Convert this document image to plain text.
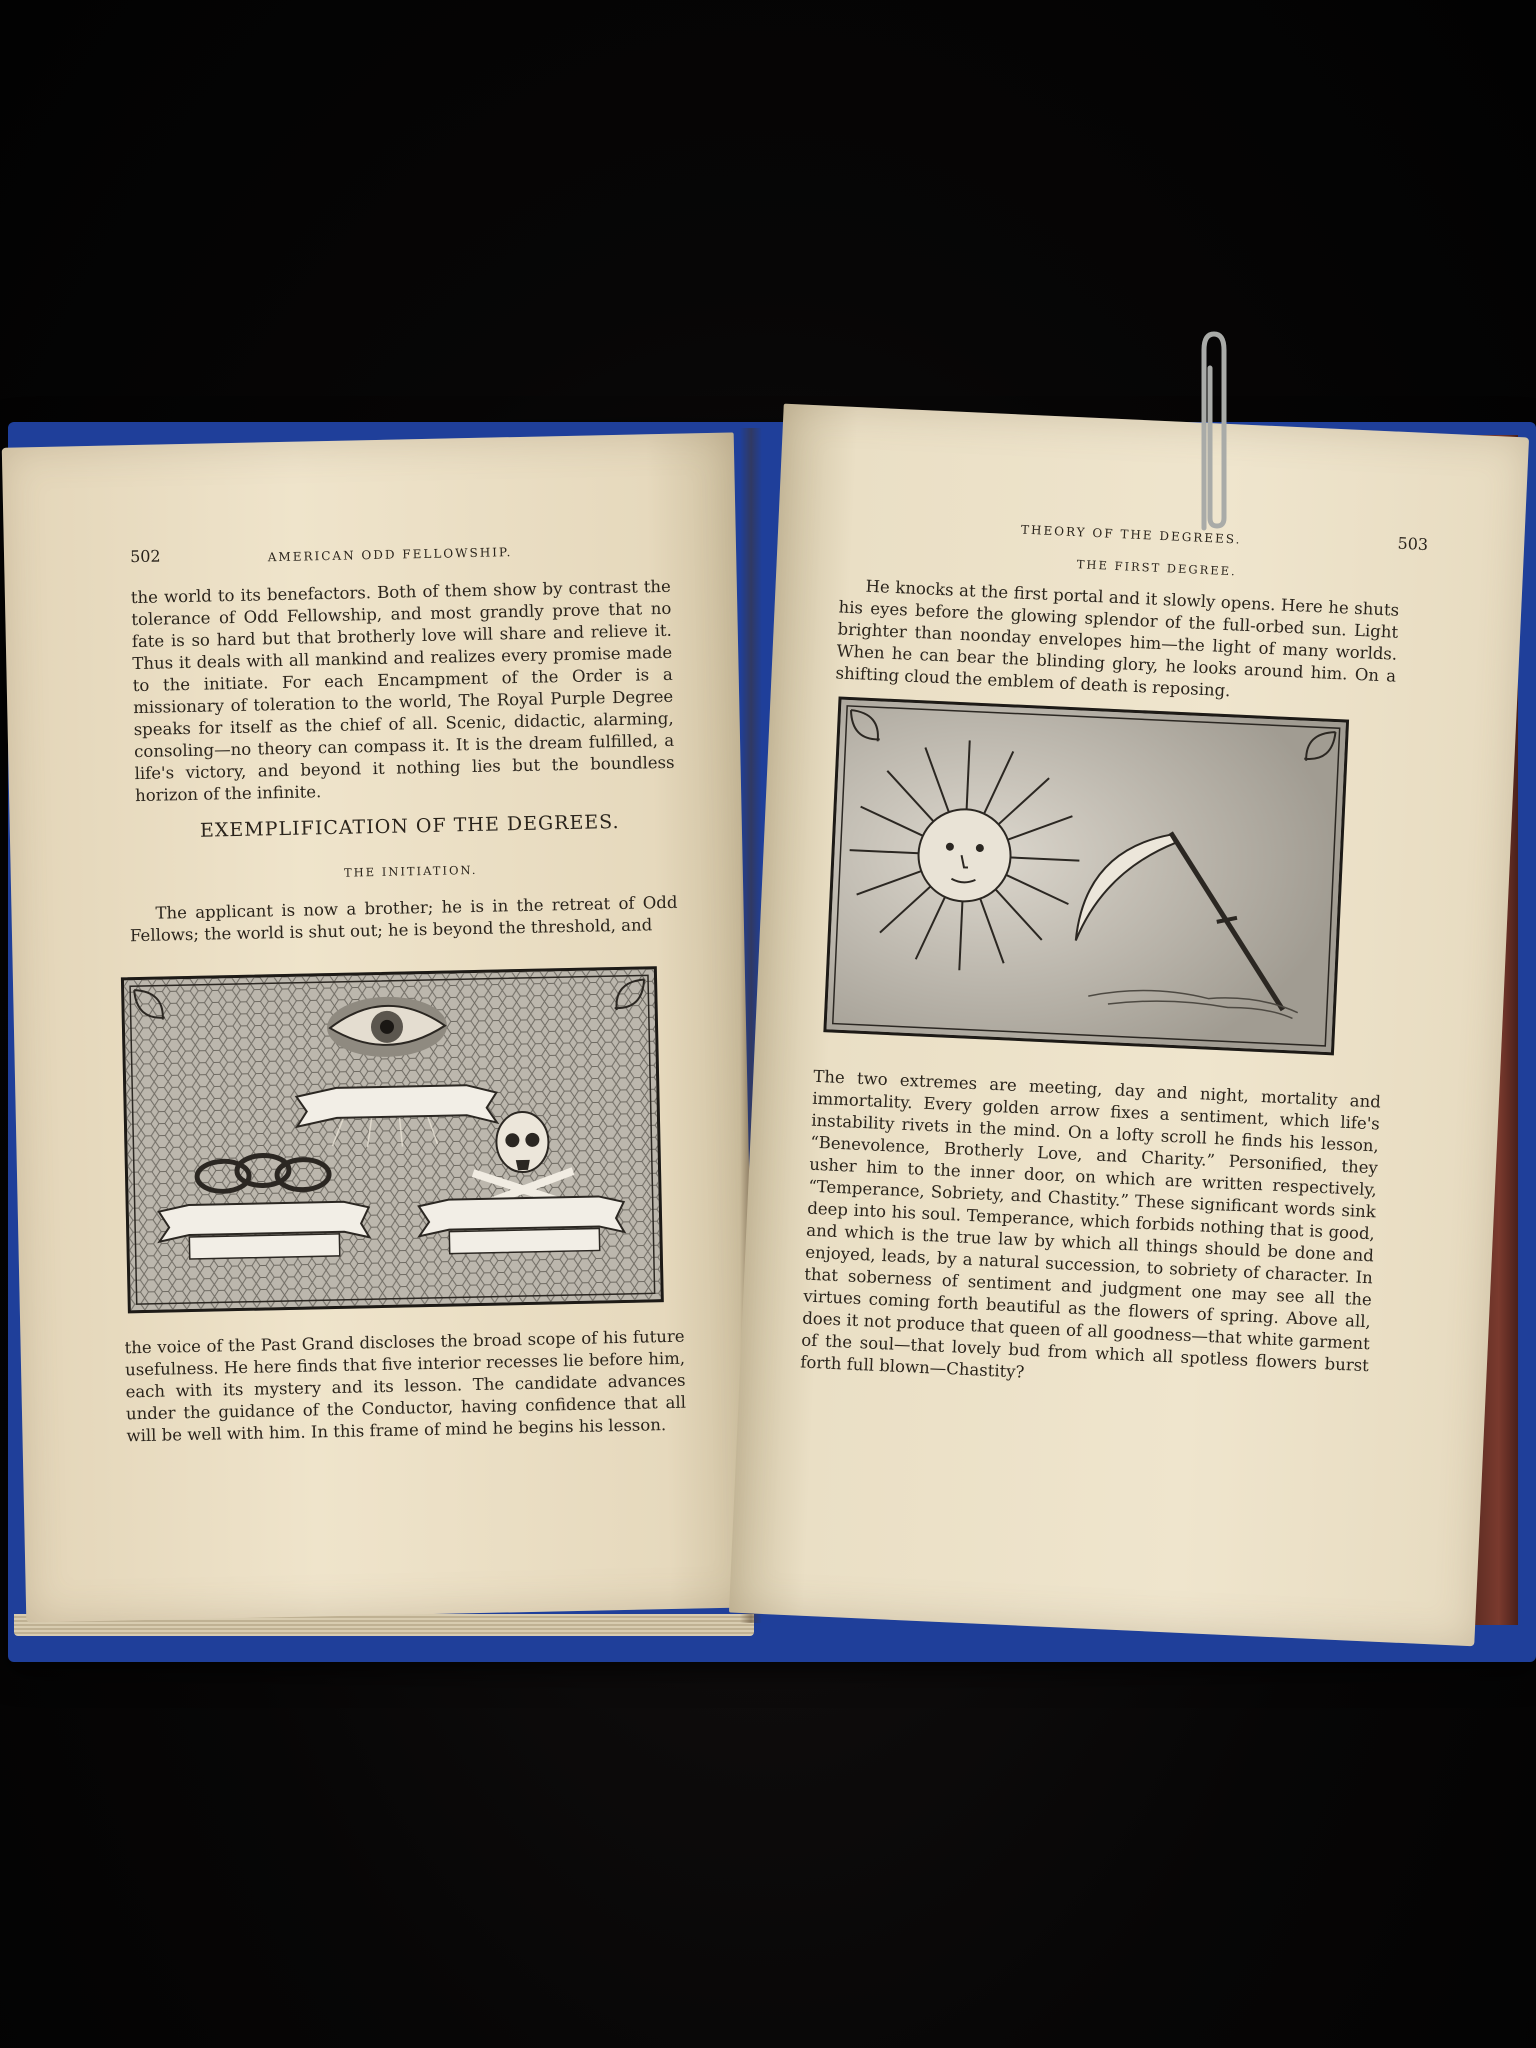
502	AMERICAN ODD FELLOWSHIP.

the world to its benefactors. Both of them show by contrast the tolerance of Odd Fellowship, and most grandly prove that no fate is so hard but that brotherly love will share and relieve it. Thus it deals with all mankind and realizes every promise made to the initiate. For each Encampment of the Order is a missionary of toleration to the world, The Royal Purple Degree speaks for itself as the chief of all. Scenic, didactic, alarming, consoling—no theory can compass it. It is the dream fulfilled, a life's victory, and beyond it nothing lies but the boundless horizon of the infinite.

EXEMPLIFICATION OF THE DEGREES.
THE INITIATION.

The applicant is now a brother; he is in the retreat of Odd Fellows; the world is shut out; he is beyond the threshold, and

the voice of the Past Grand discloses the broad scope of his future usefulness. He here finds that five interior recesses lie before him, each with its mystery and its lesson. The candidate advances under the guidance of the Conductor, having confidence that all will be well with him. In this frame of mind he begins his lesson.

THEORY OF THE DEGREES.	503
THE FIRST DEGREE.

He knocks at the first portal and it slowly opens. Here he shuts his eyes before the glowing splendor of the full-orbed sun. Light brighter than noonday envelopes him—the light of many worlds. When he can bear the blinding glory, he looks around him. On a shifting cloud the emblem of death is reposing.

The two extremes are meeting, day and night, mortality and immortality. Every golden arrow fixes a sentiment, which life's instability rivets in the mind. On a lofty scroll he finds his lesson, “Benevolence, Brotherly Love, and Charity.” Personified, they usher him to the inner door, on which are written respectively, “Temperance, Sobriety, and Chastity.” These significant words sink deep into his soul. Temperance, which forbids nothing that is good, and which is the true law by which all things should be done and enjoyed, leads, by a natural succession, to sobriety of character. In that soberness of sentiment and judgment one may see all the virtues coming forth beautiful as the flowers of spring. Above all, does it not produce that queen of all goodness—that white garment of the soul—that lovely bud from which all spotless flowers burst forth full blown—Chastity?
